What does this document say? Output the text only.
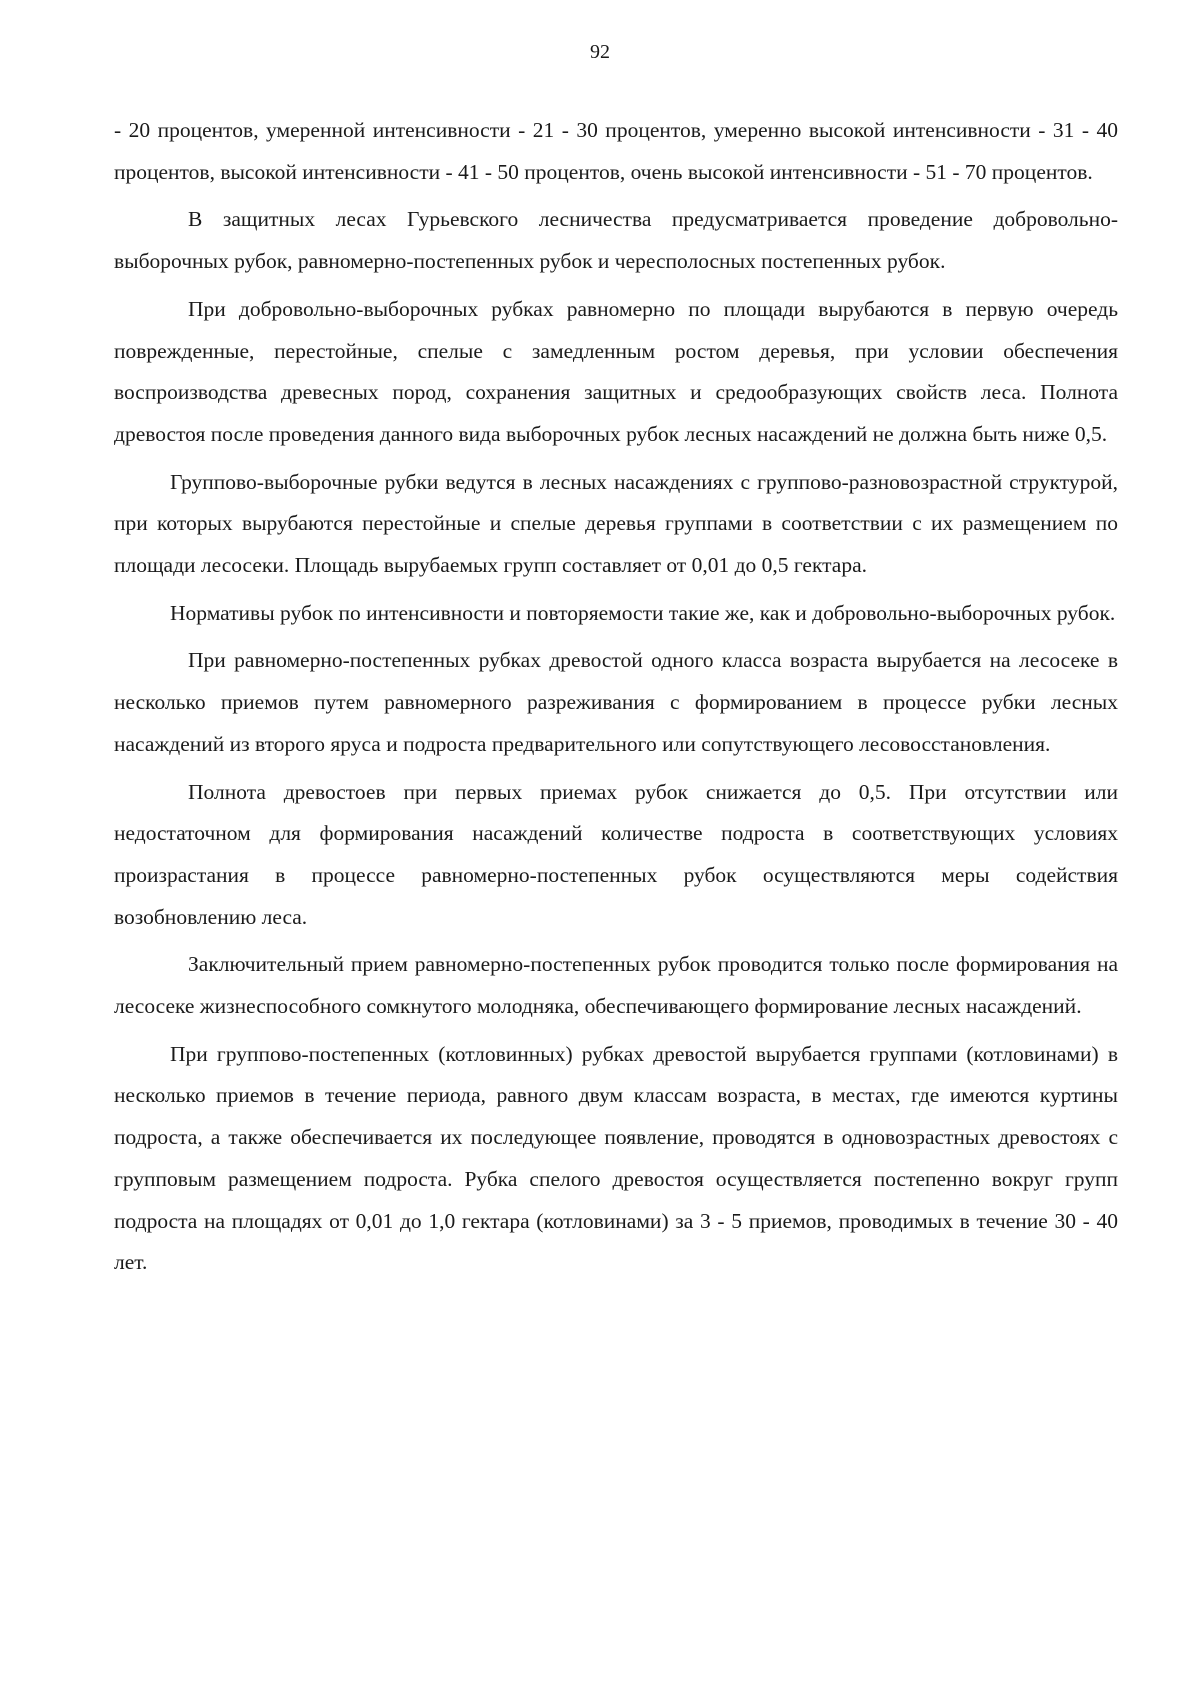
92

- 20 процентов, умеренной интенсивности - 21 - 30 процентов, умеренно высокой интенсивности - 31 - 40 процентов, высокой интенсивности - 41 - 50 процентов, очень высокой интенсивности - 51 - 70 процентов.

В защитных лесах Гурьевского лесничества предусматривается проведение добровольно-выборочных рубок, равномерно-постепенных рубок и чересполосных постепенных рубок.

При добровольно-выборочных рубках равномерно по площади вырубаются в первую очередь поврежденные, перестойные, спелые с замедленным ростом деревья, при условии обеспечения воспроизводства древесных пород, сохранения защитных и средообразующих свойств леса. Полнота древостоя после проведения данного вида выборочных рубок лесных насаждений не должна быть ниже 0,5.

Группово-выборочные рубки ведутся в лесных насаждениях с группово-разновозрастной структурой, при которых вырубаются перестойные и спелые деревья группами в соответствии с их размещением по площади лесосеки. Площадь вырубаемых групп составляет от 0,01 до 0,5 гектара.

Нормативы рубок по интенсивности и повторяемости такие же, как и добровольно-выборочных рубок.

При равномерно-постепенных рубках древостой одного класса возраста вырубается на лесосеке в несколько приемов путем равномерного разреживания с формированием в процессе рубки лесных насаждений из второго яруса и подроста предварительного или сопутствующего лесовосстановления.

Полнота древостоев при первых приемах рубок снижается до 0,5. При отсутствии или недостаточном для формирования насаждений количестве подроста в соответствующих условиях произрастания в процессе равномерно-постепенных рубок осуществляются меры содействия возобновлению леса.

Заключительный прием равномерно-постепенных рубок проводится только после формирования на лесосеке жизнеспособного сомкнутого молодняка, обеспечивающего формирование лесных насаждений.

При группово-постепенных (котловинных) рубках древостой вырубается группами (котловинами) в несколько приемов в течение периода, равного двум классам возраста, в местах, где имеются куртины подроста, а также обеспечивается их последующее появление, проводятся в одновозрастных древостоях с групповым размещением подроста. Рубка спелого древостоя осуществляется постепенно вокруг групп подроста на площадях от 0,01 до 1,0 гектара (котловинами) за 3 - 5 приемов, проводимых в течение 30 - 40 лет.
